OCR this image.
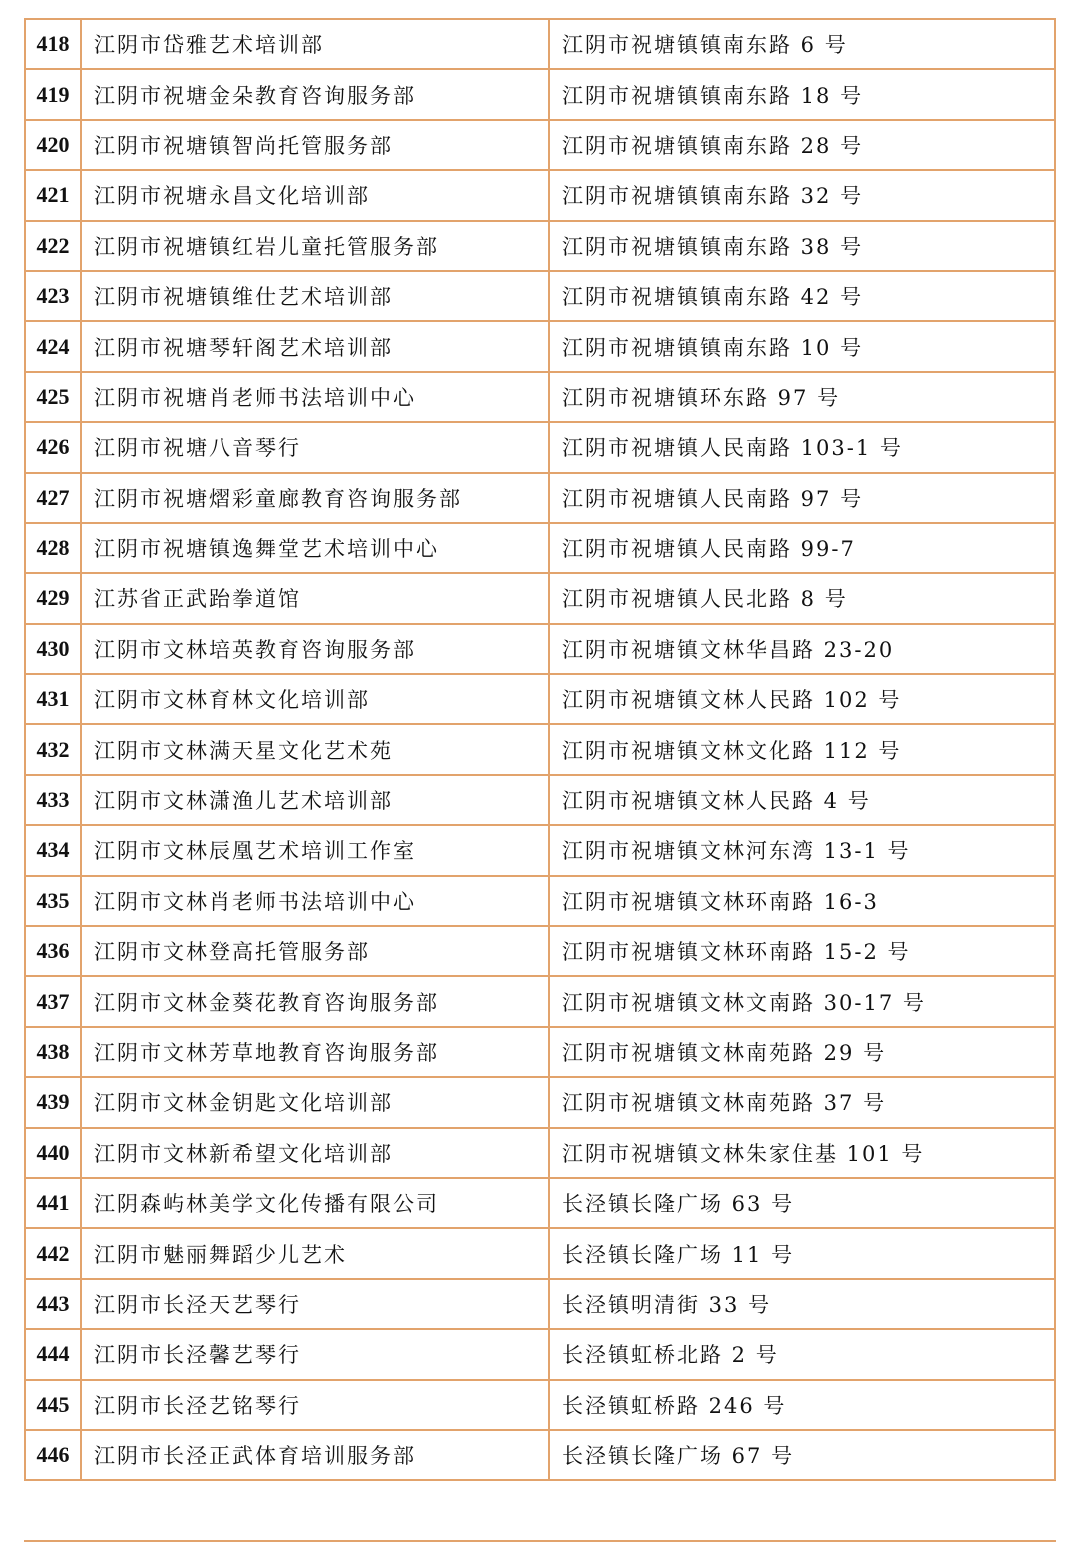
418	江阴市岱雅艺术培训部	江阴市祝塘镇镇南东路 6 号
419	江阴市祝塘金朵教育咨询服务部	江阴市祝塘镇镇南东路 18 号
420	江阴市祝塘镇智尚托管服务部	江阴市祝塘镇镇南东路 28 号
421	江阴市祝塘永昌文化培训部	江阴市祝塘镇镇南东路 32 号
422	江阴市祝塘镇红岩儿童托管服务部	江阴市祝塘镇镇南东路 38 号
423	江阴市祝塘镇维仕艺术培训部	江阴市祝塘镇镇南东路 42 号
424	江阴市祝塘琴轩阁艺术培训部	江阴市祝塘镇镇南东路 10 号
425	江阴市祝塘肖老师书法培训中心	江阴市祝塘镇环东路 97 号
426	江阴市祝塘八音琴行	江阴市祝塘镇人民南路 103-1 号
427	江阴市祝塘熠彩童廊教育咨询服务部	江阴市祝塘镇人民南路 97 号
428	江阴市祝塘镇逸舞堂艺术培训中心	江阴市祝塘镇人民南路 99-7
429	江苏省正武跆拳道馆	江阴市祝塘镇人民北路 8 号
430	江阴市文林培英教育咨询服务部	江阴市祝塘镇文林华昌路 23-20
431	江阴市文林育林文化培训部	江阴市祝塘镇文林人民路 102 号
432	江阴市文林满天星文化艺术苑	江阴市祝塘镇文林文化路 112 号
433	江阴市文林潇渔儿艺术培训部	江阴市祝塘镇文林人民路 4 号
434	江阴市文林辰凰艺术培训工作室	江阴市祝塘镇文林河东湾 13-1 号
435	江阴市文林肖老师书法培训中心	江阴市祝塘镇文林环南路 16-3
436	江阴市文林登高托管服务部	江阴市祝塘镇文林环南路 15-2 号
437	江阴市文林金葵花教育咨询服务部	江阴市祝塘镇文林文南路 30-17 号
438	江阴市文林芳草地教育咨询服务部	江阴市祝塘镇文林南苑路 29 号
439	江阴市文林金钥匙文化培训部	江阴市祝塘镇文林南苑路 37 号
440	江阴市文林新希望文化培训部	江阴市祝塘镇文林朱家住基 101 号
441	江阴森屿林美学文化传播有限公司	长泾镇长隆广场 63 号
442	江阴市魅丽舞蹈少儿艺术	长泾镇长隆广场 11 号
443	江阴市长泾天艺琴行	长泾镇明清街 33 号
444	江阴市长泾馨艺琴行	长泾镇虹桥北路 2 号
445	江阴市长泾艺铭琴行	长泾镇虹桥路 246 号
446	江阴市长泾正武体育培训服务部	长泾镇长隆广场 67 号
